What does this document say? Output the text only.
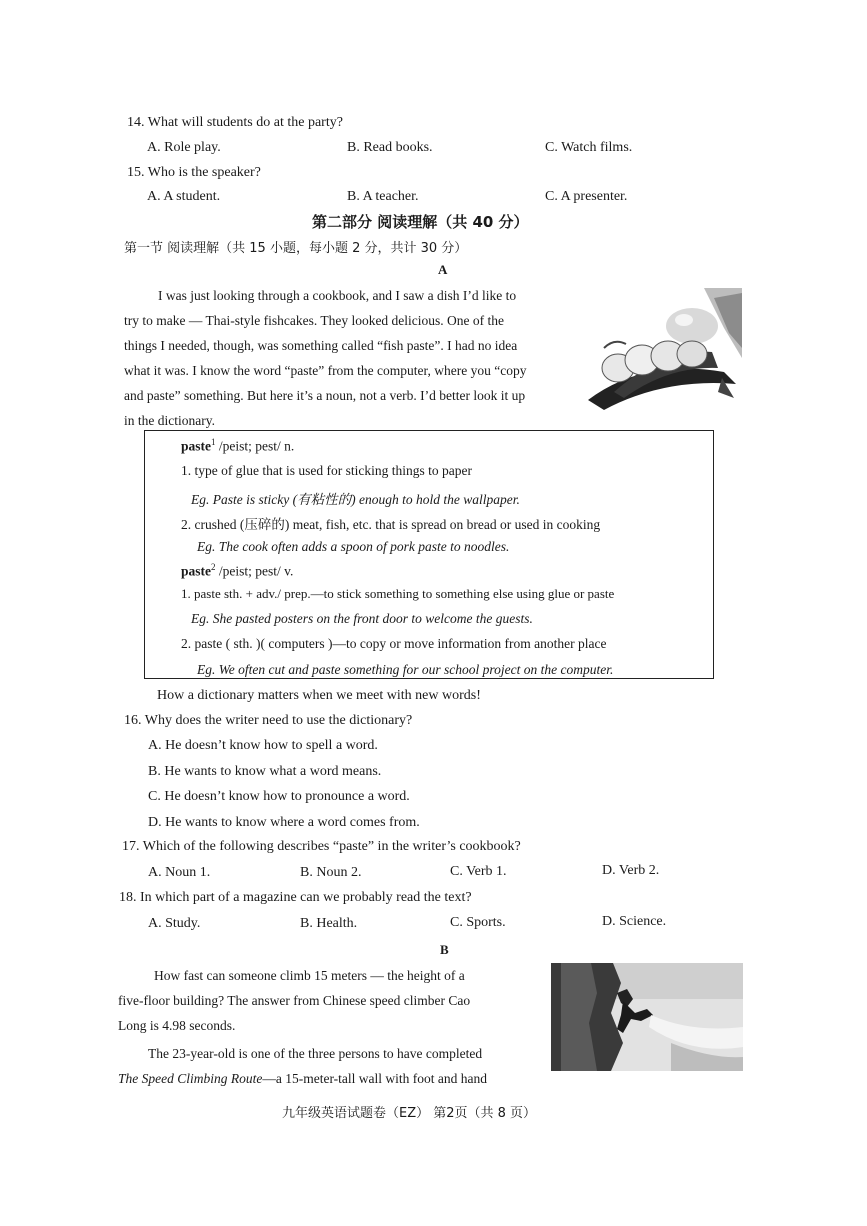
14. What will students do at the party?
A. Role play.	B. Read books.	C. Watch films.
15. Who is the speaker?
A. A student.	B. A teacher.	C. A presenter.
第二部分 阅读理解（共 40 分）
第一节 阅读理解（共 15 小题，每小题 2 分，共计 30 分）
A
I was just looking through a cookbook, and I saw a dish I’d like to
try to make — Thai-style fishcakes. They looked delicious. One of the
things I needed, though, was something called “fish paste”. I had no idea
what it was. I know the word “paste” from the computer, where you “copy
and paste” something. But here it’s a noun, not a verb. I’d better look it up
in the dictionary.
paste$^1$ /peist; pest/ n.
1. type of glue that is used for sticking things to paper
Eg. Paste is sticky (有粘性的) enough to hold the wallpaper.
2. crushed (压碎的) meat, fish, etc. that is spread on bread or used in cooking
Eg. The cook often adds a spoon of pork paste to noodles.
paste$^2$ /peist; pest/ v.
1. paste sth. + adv./ prep.—to stick something to something else using glue or paste
Eg. She pasted posters on the front door to welcome the guests.
2. paste ( sth. )( computers )—to copy or move information from another place
Eg. We often cut and paste something for our school project on the computer.
How a dictionary matters when we meet with new words!
16. Why does the writer need to use the dictionary?
A. He doesn’t know how to spell a word.
B. He wants to know what a word means.
C. He doesn’t know how to pronounce a word.
D. He wants to know where a word comes from.
17. Which of the following describes “paste” in the writer’s cookbook?
A. Noun 1.	B. Noun 2.	C. Verb 1.	D. Verb 2.
18. In which part of a magazine can we probably read the text?
A. Study.	B. Health.	C. Sports.	D. Science.
B
How fast can someone climb 15 meters — the height of a
five-floor building? The answer from Chinese speed climber Cao
Long is 4.98 seconds.
The 23-year-old is one of the three persons to have completed
The Speed Climbing Route—a 15-meter-tall wall with foot and hand
九年级英语试题卷（EZ） 第2页（共 8 页）
